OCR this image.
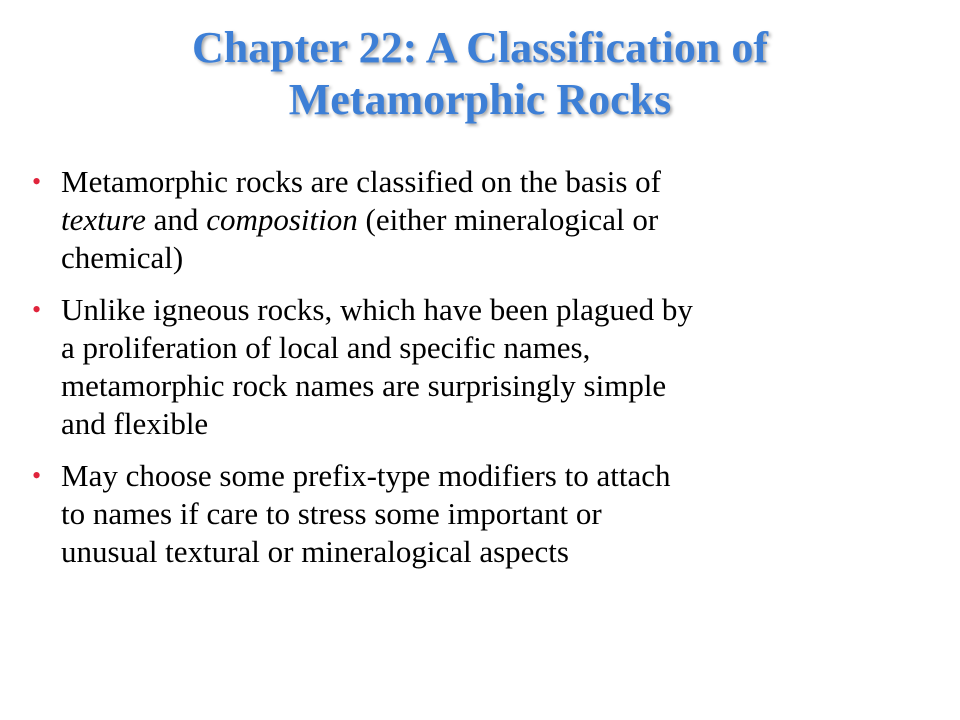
Chapter 22: A Classification of
Metamorphic Rocks
• Metamorphic rocks are classified on the basis of
texture and composition (either mineralogical or
chemical)
• Unlike igneous rocks, which have been plagued by
a proliferation of local and specific names,
metamorphic rock names are surprisingly simple
and flexible
• May choose some prefix-type modifiers to attach
to names if care to stress some important or
unusual textural or mineralogical aspects
